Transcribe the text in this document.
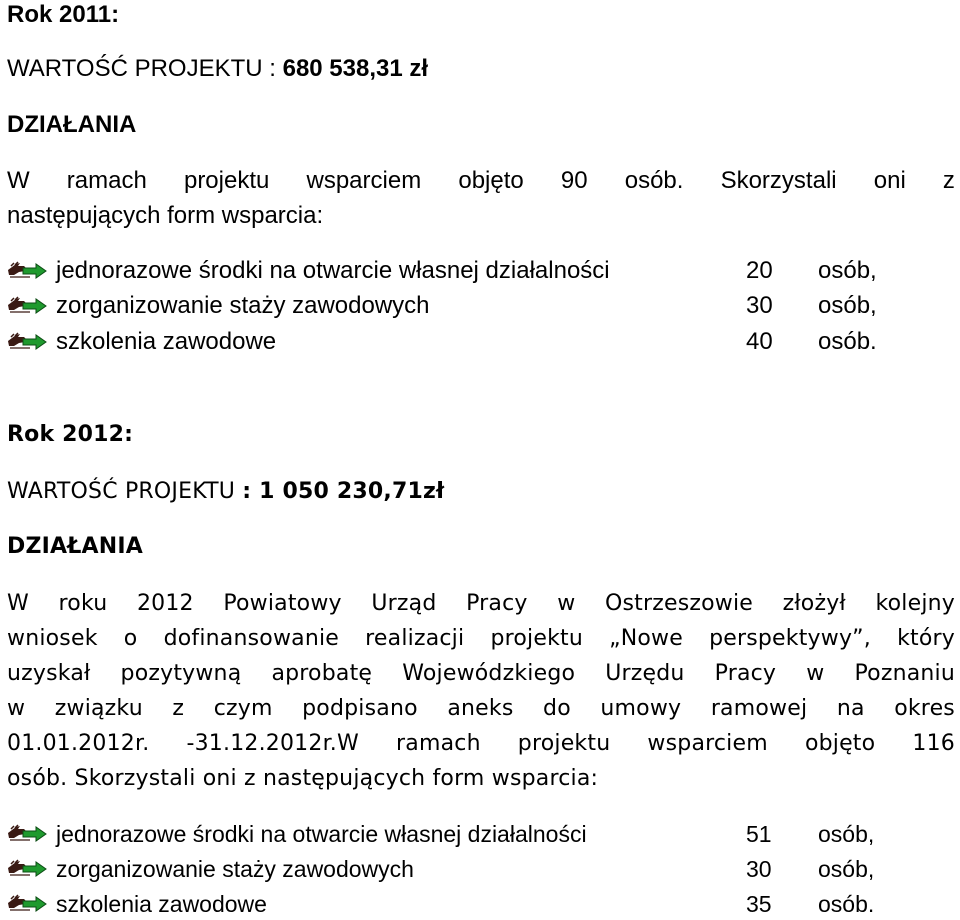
Rok 2011:
WARTOŚĆ PROJEKTU : 680 538,31 zł
DZIAŁANIA
W ramach projektu wsparciem objęto 90 osób. Skorzystali oni z
następujących form wsparcia:
jednorazowe środki na otwarcie własnej działalności	20	osób,
zorganizowanie staży zawodowych	30	osób,
szkolenia zawodowe	40	osób.
Rok 2012:
WARTOŚĆ PROJEKTU : 1 050 230,71zł
DZIAŁANIA
W roku 2012 Powiatowy Urząd Pracy w Ostrzeszowie złożył kolejny
wniosek o dofinansowanie realizacji projektu „Nowe perspektywy”, który
uzyskał pozytywną aprobatę Wojewódzkiego Urzędu Pracy w Poznaniu
w związku z czym podpisano aneks do umowy ramowej na okres
01.01.2012r. -31.12.2012r.W ramach projektu wsparciem objęto 116
osób. Skorzystali oni z następujących form wsparcia:
jednorazowe środki na otwarcie własnej działalności	51	osób,
zorganizowanie staży zawodowych	30	osób,
szkolenia zawodowe	35	osób.
